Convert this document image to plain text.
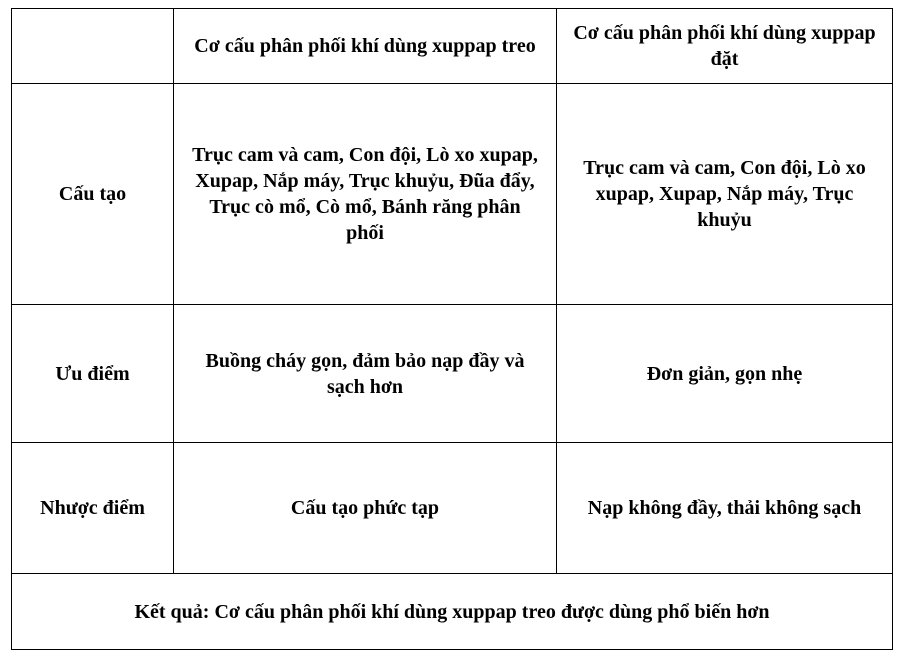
	Cơ cấu phân phối khí dùng xuppap treo	Cơ cấu phân phối khí dùng xuppap đặt
Cấu tạo	Trục cam và cam, Con đội, Lò xo xupap, Xupap, Nắp máy, Trục khuỷu, Đũa đẩy, Trục cò mổ, Cò mổ, Bánh răng phân phối	Trục cam và cam, Con đội, Lò xo xupap, Xupap, Nắp máy, Trục khuỷu
Ưu điểm	Buồng cháy gọn, đảm bảo nạp đầy và sạch hơn	Đơn giản, gọn nhẹ
Nhược điểm	Cấu tạo phức tạp	Nạp không đầy, thải không sạch
Kết quả: Cơ cấu phân phối khí dùng xuppap treo được dùng phổ biến hơn		
